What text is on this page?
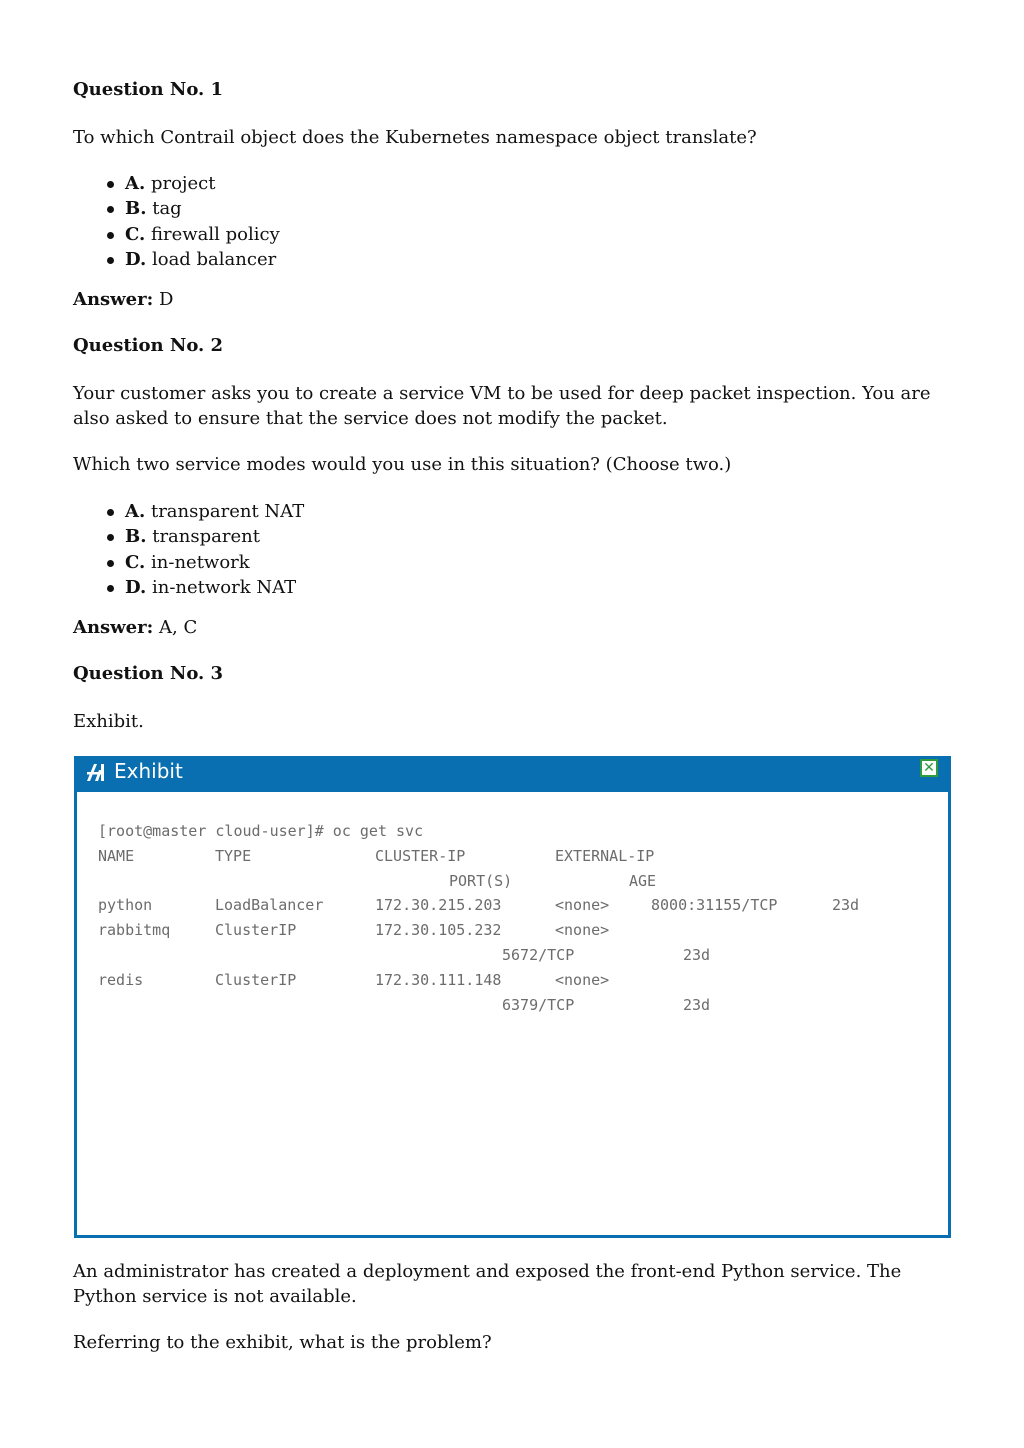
Question No. 1
To which Contrail object does the Kubernetes namespace object translate?
A. project
B. tag
C. firewall policy
D. load balancer
Answer: D
Question No. 2
Your customer asks you to create a service VM to be used for deep packet inspection. You are also asked to ensure that the service does not modify the packet.
Which two service modes would you use in this situation? (Choose two.)
A. transparent NAT
B. transparent
C. in-network
D. in-network NAT
Answer: A, C
Question No. 3
Exhibit.
An administrator has created a deployment and exposed the front-end Python service. The Python service is not available.
Referring to the exhibit, what is the problem?
Exhibit	✕
[root@master cloud-user]# oc get svc
NAME	TYPE	CLUSTER-IP	EXTERNAL-IP
PORT(S)	AGE
python	LoadBalancer	172.30.215.203	<none>	8000:31155/TCP	23d
rabbitmq	ClusterIP	172.30.105.232	<none>
5672/TCP	23d
redis	ClusterIP	172.30.111.148	<none>
6379/TCP	23d
